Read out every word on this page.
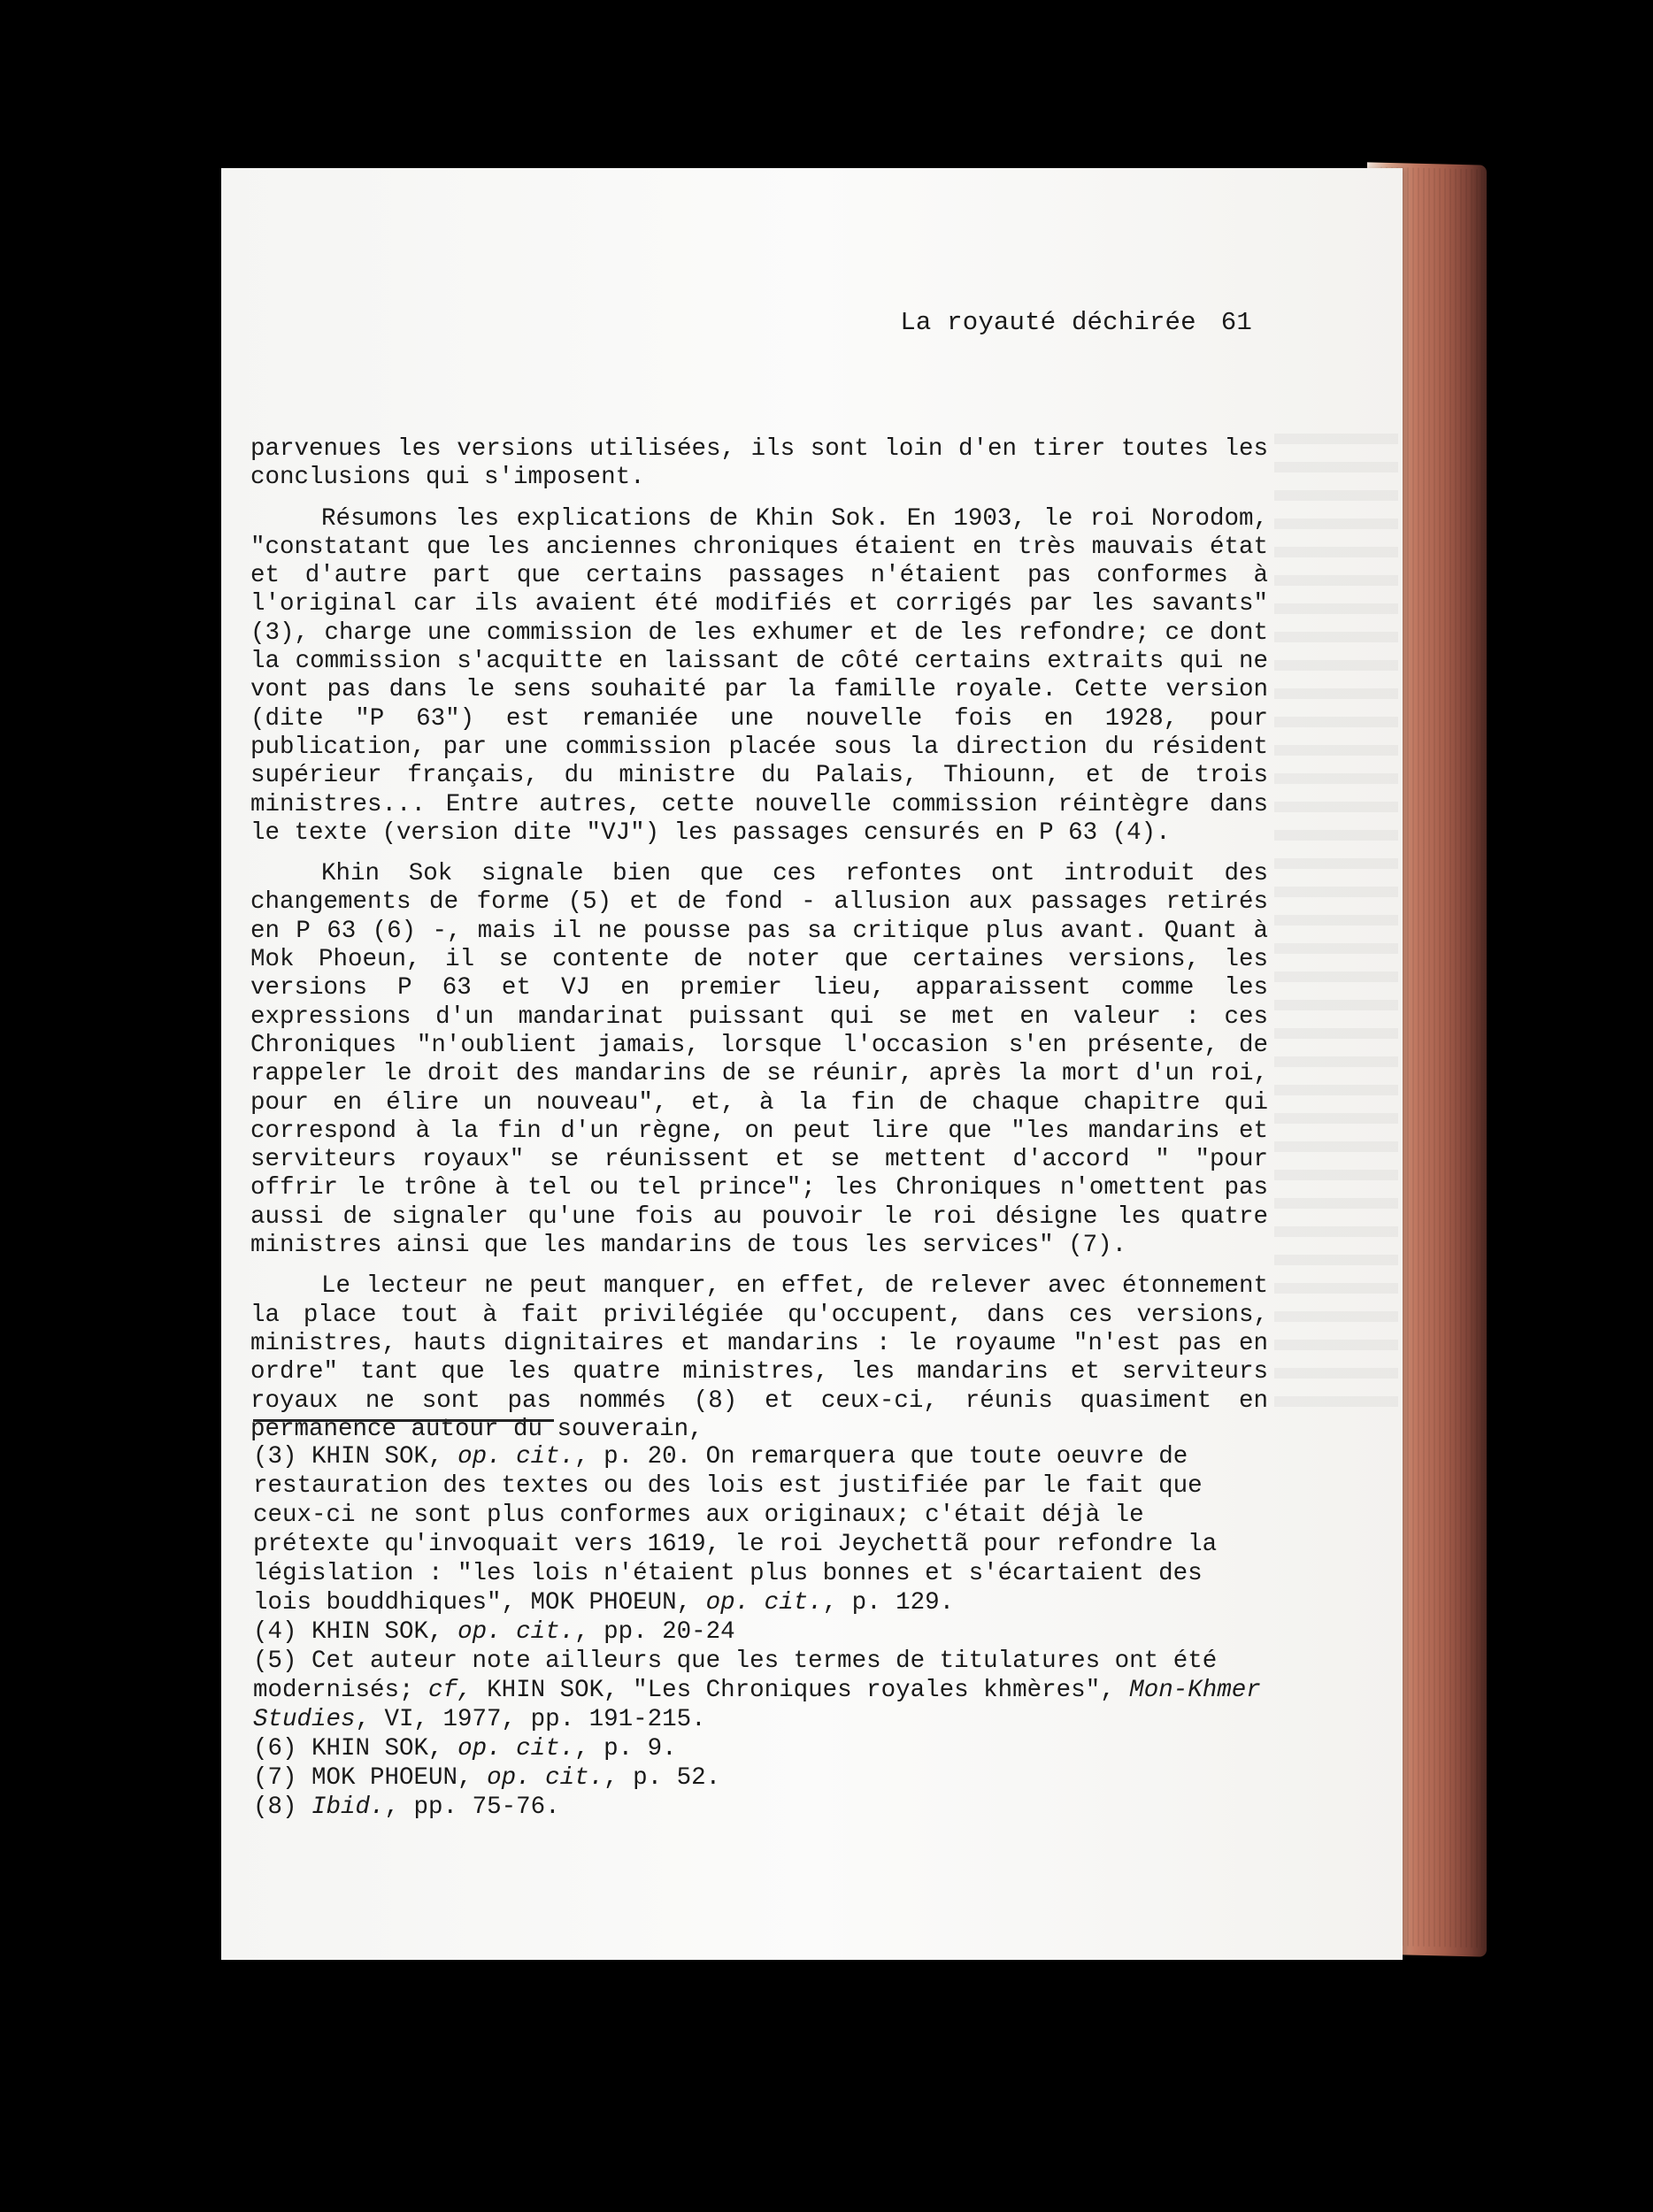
La royauté déchirée 61

parvenues les versions utilisées, ils sont loin d'en tirer toutes les conclusions qui s'imposent.

Résumons les explications de Khin Sok. En 1903, le roi Norodom, "constatant que les anciennes chroniques étaient en très mauvais état et d'autre part que certains passages n'étaient pas conformes à l'original car ils avaient été modifiés et corrigés par les savants" (3), charge une commission de les exhumer et de les refondre; ce dont la commission s'acquitte en laissant de côté certains extraits qui ne vont pas dans le sens souhaité par la famille royale. Cette version (dite "P 63") est remaniée une nouvelle fois en 1928, pour publication, par une commission placée sous la direction du résident supérieur français, du ministre du Palais, Thiounn, et de trois ministres... Entre autres, cette nouvelle commission réintègre dans le texte (version dite "VJ") les passages censurés en P 63 (4).

Khin Sok signale bien que ces refontes ont introduit des changements de forme (5) et de fond - allusion aux passages retirés en P 63 (6) -, mais il ne pousse pas sa critique plus avant. Quant à Mok Phoeun, il se contente de noter que certaines versions, les versions P 63 et VJ en premier lieu, apparaissent comme les expressions d'un mandarinat puissant qui se met en valeur : ces Chroniques "n'oublient jamais, lorsque l'occasion s'en présente, de rappeler le droit des mandarins de se réunir, après la mort d'un roi, pour en élire un nouveau", et, à la fin de chaque chapitre qui correspond à la fin d'un règne, on peut lire que "les mandarins et serviteurs royaux" se réunissent et se mettent d'accord " "pour offrir le trône à tel ou tel prince"; les Chroniques n'omettent pas aussi de signaler qu'une fois au pouvoir le roi désigne les quatre ministres ainsi que les mandarins de tous les services" (7).

Le lecteur ne peut manquer, en effet, de relever avec étonnement la place tout à fait privilégiée qu'occupent, dans ces versions, ministres, hauts dignitaires et mandarins : le royaume "n'est pas en ordre" tant que les quatre ministres, les mandarins et serviteurs royaux ne sont pas nommés (8) et ceux-ci, réunis quasiment en permanence autour du souverain,

(3) KHIN SOK, op. cit., p. 20. On remarquera que toute oeuvre de restauration des textes ou des lois est justifiée par le fait que ceux-ci ne sont plus conformes aux originaux; c'était déjà le prétexte qu'invoquait vers 1619, le roi Jeychettã pour refondre la législation : "les lois n'étaient plus bonnes et s'écartaient des lois bouddhiques", MOK PHOEUN, op. cit., p. 129.

(4) KHIN SOK, op. cit., pp. 20-24

(5) Cet auteur note ailleurs que les termes de titulatures ont été modernisés; cf, KHIN SOK, "Les Chroniques royales khmères", Mon-Khmer Studies, VI, 1977, pp. 191-215.

(6) KHIN SOK, op. cit., p. 9.

(7) MOK PHOEUN, op. cit., p. 52.

(8) Ibid., pp. 75-76.
